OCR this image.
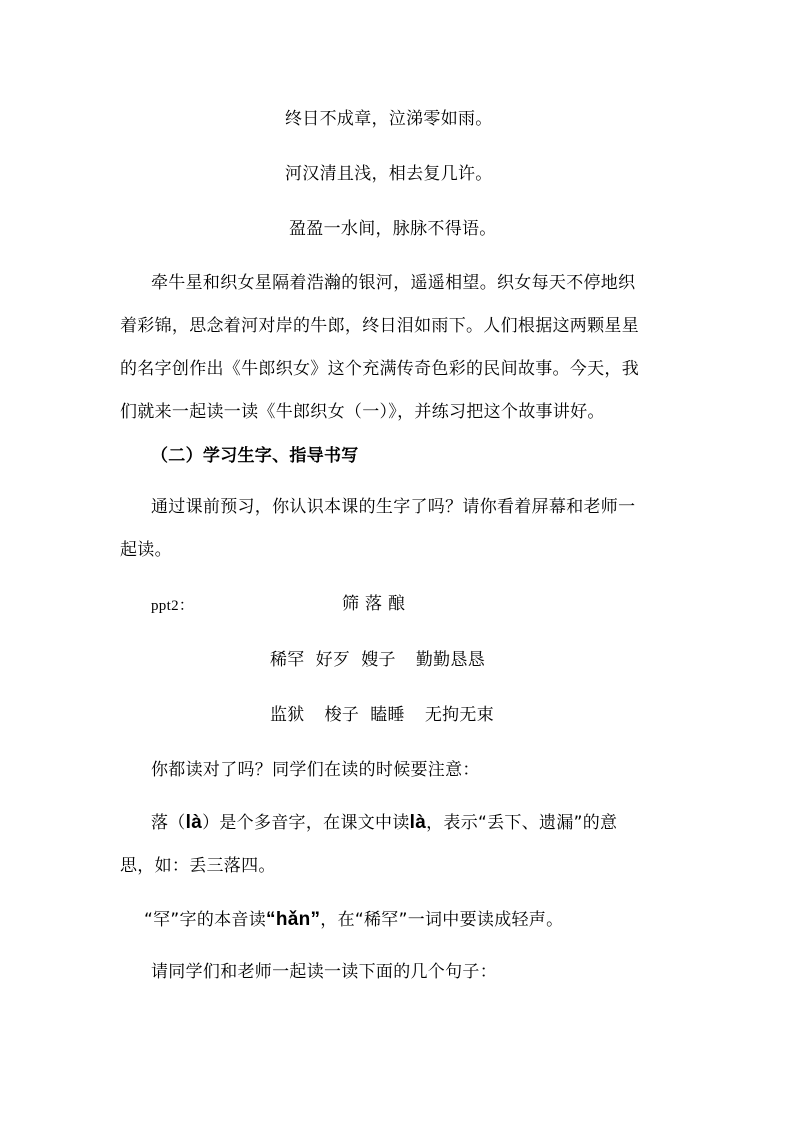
终日不成章，泣涕零如雨。
河汉清且浅，相去复几许。
盈盈一水间，脉脉不得语。
牵牛星和织女星隔着浩瀚的银河，遥遥相望。织女每天不停地织
着彩锦，思念着河对岸的牛郎，终日泪如雨下。人们根据这两颗星星
的名字创作出《牛郎织女》这个充满传奇色彩的民间故事。今天，我
们就来一起读一读《牛郎织女（一）》，并练习把这个故事讲好。
（二）学习生字、指导书写
通过课前预习，你认识本课的生字了吗？请你看着屏幕和老师一
起读。
ppt2：	筛 落 酿
稀罕 好歹 嫂子 勤勤恳恳
监狱 梭子 瞌睡 无拘无束
你都读对了吗？同学们在读的时候要注意：
落（là）是个多音字，在课文中读là，表示“丢下、遗漏”的意
思，如：丢三落四。
“罕”字的本音读“hǎn”，在“稀罕”一词中要读成轻声。
请同学们和老师一起读一读下面的几个句子：
